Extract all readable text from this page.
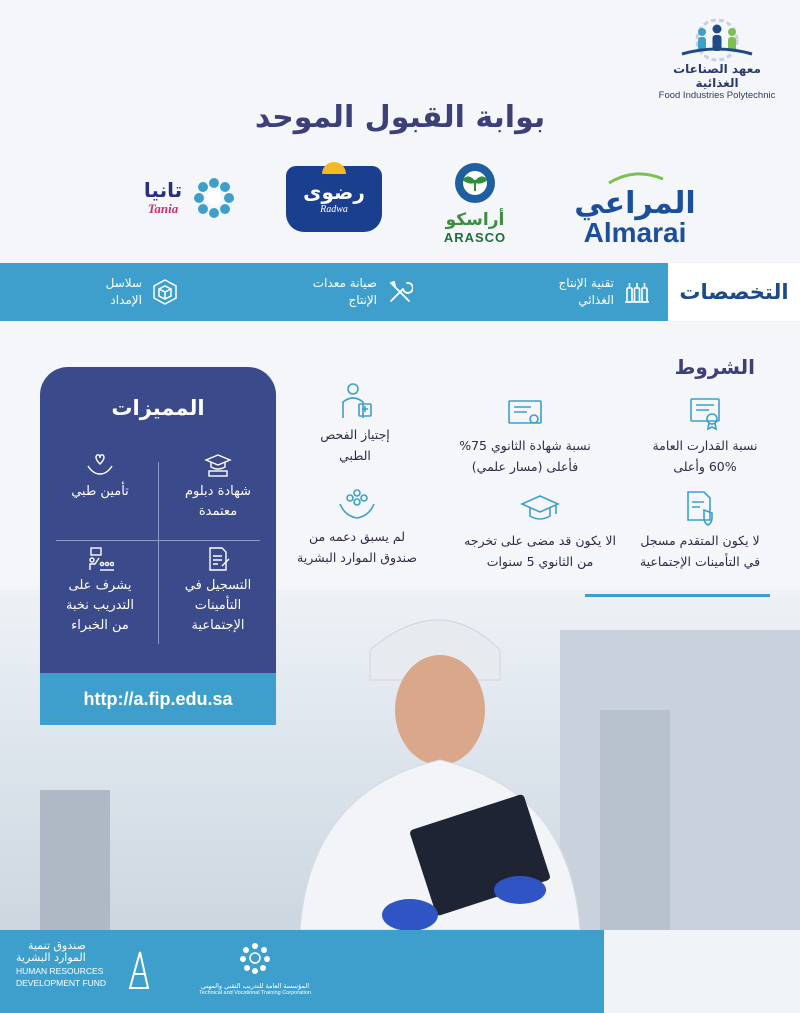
معهد الصناعات الغذائية
Food Industries Polytechnic
بوابة القبول الموحد
المراعي
Almarai
أراسكو
ARASCO
رضوى
Radwa
تانيا
Tania
التخصصات
تقنية الإنتاج
الغذائي
صيانة معدات
الإنتاج
سلاسل
الإمداد
الشروط
نسبة القدارت العامة
60% وأعلى
نسبة شهادة الثانوي 75%
فأعلى (مسار علمي)
إجتياز الفحص
الطبي
لا يكون المتقدم مسجل
في التأمينات الإجتماعية
الا يكون قد مضى على تخرجه
من الثانوي 5 سنوات
لم يسبق دعمه من
صندوق الموارد البشرية
المميزات
تأمين طبي	شهادة دبلوم
معتمدة
يشرف على
التدريب نخبة
من الخبراء
التسجيل في
التأمينات
الإجتماعية
http://a.fip.edu.sa
صندوق تنمية
الموارد البشرية
HUMAN RESOURCES
DEVELOPMENT FUND	المؤسسة العامة للتدريب التقني والمهني
Technical and Vocational Training Corporation
